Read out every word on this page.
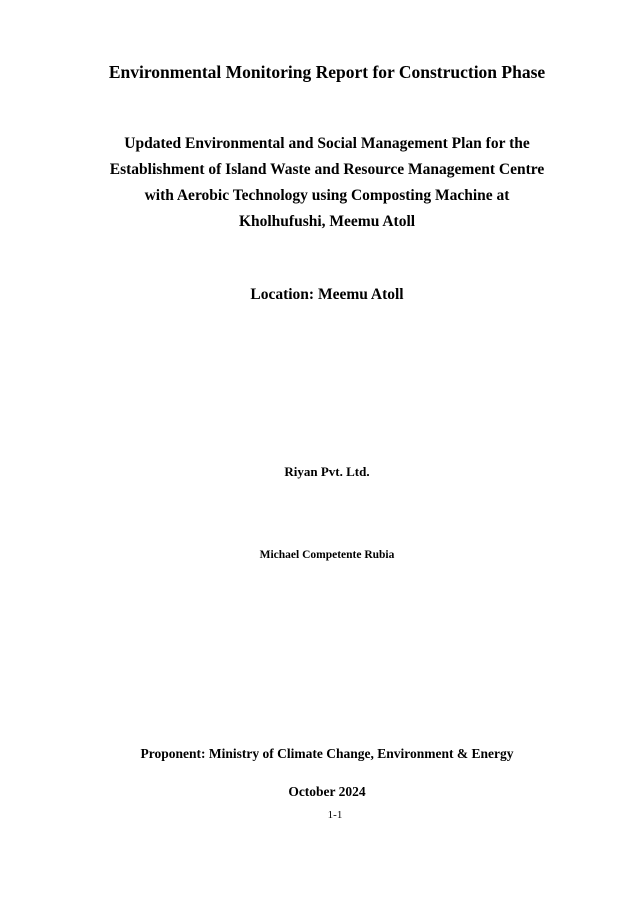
Environmental Monitoring Report for Construction Phase
Updated Environmental and Social Management Plan for the
Establishment of Island Waste and Resource Management Centre
with Aerobic Technology using Composting Machine at
Kholhufushi, Meemu Atoll
Location: Meemu Atoll
Riyan Pvt. Ltd.
Michael Competente Rubia
Proponent: Ministry of Climate Change, Environment & Energy
October 2024
1-1
